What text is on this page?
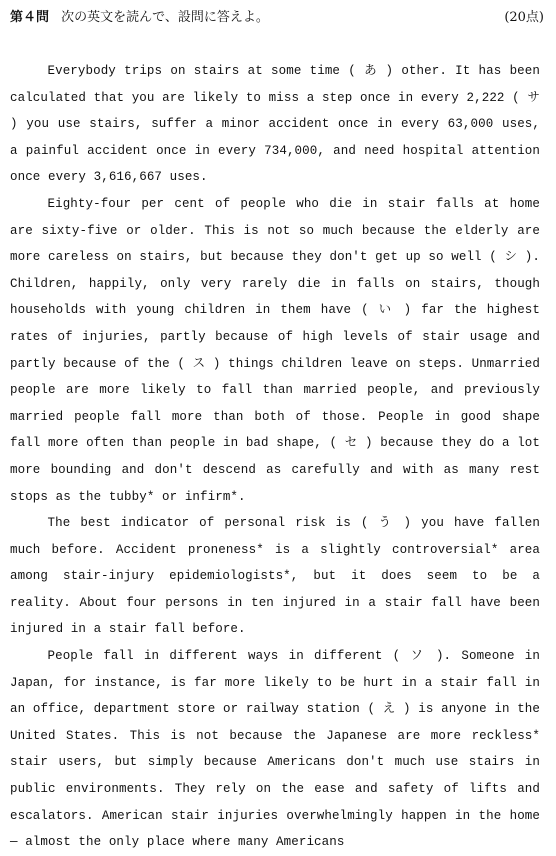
第４問 次の英文を読んで、設問に答えよ。	(20点)

Everybody trips on stairs at some time ( あ ) other. It has been calculated that you are likely to miss a step once in every 2,222 ( サ ) you use stairs, suffer a minor accident once in every 63,000 uses, a painful accident once in every 734,000, and need hospital attention once every 3,616,667 uses.

Eighty-four per cent of people who die in stair falls at home are sixty-five or older. This is not so much because the elderly are more careless on stairs, but because they don't get up so well ( シ ). Children, happily, only very rarely die in falls on stairs, though households with young children in them have ( い ) far the highest rates of injuries, partly because of high levels of stair usage and partly because of the ( ス ) things children leave on steps. Unmarried people are more likely to fall than married people, and previously married people fall more than both of those. People in good shape fall more often than people in bad shape, ( セ ) because they do a lot more bounding and don't descend as carefully and with as many rest stops as the tubby* or infirm*.

The best indicator of personal risk is ( う ) you have fallen much before. Accident proneness* is a slightly controversial* area among stair-injury epidemiologists*, but it does seem to be a reality. About four persons in ten injured in a stair fall have been injured in a stair fall before.

People fall in different ways in different ( ソ ). Someone in Japan, for instance, is far more likely to be hurt in a stair fall in an office, department store or railway station ( え ) is anyone in the United States. This is not because the Japanese are more reckless* stair users, but simply because Americans don't much use stairs in public environments. They rely on the ease and safety of lifts and escalators. American stair injuries overwhelmingly happen in the home — almost the only place where many Americans
